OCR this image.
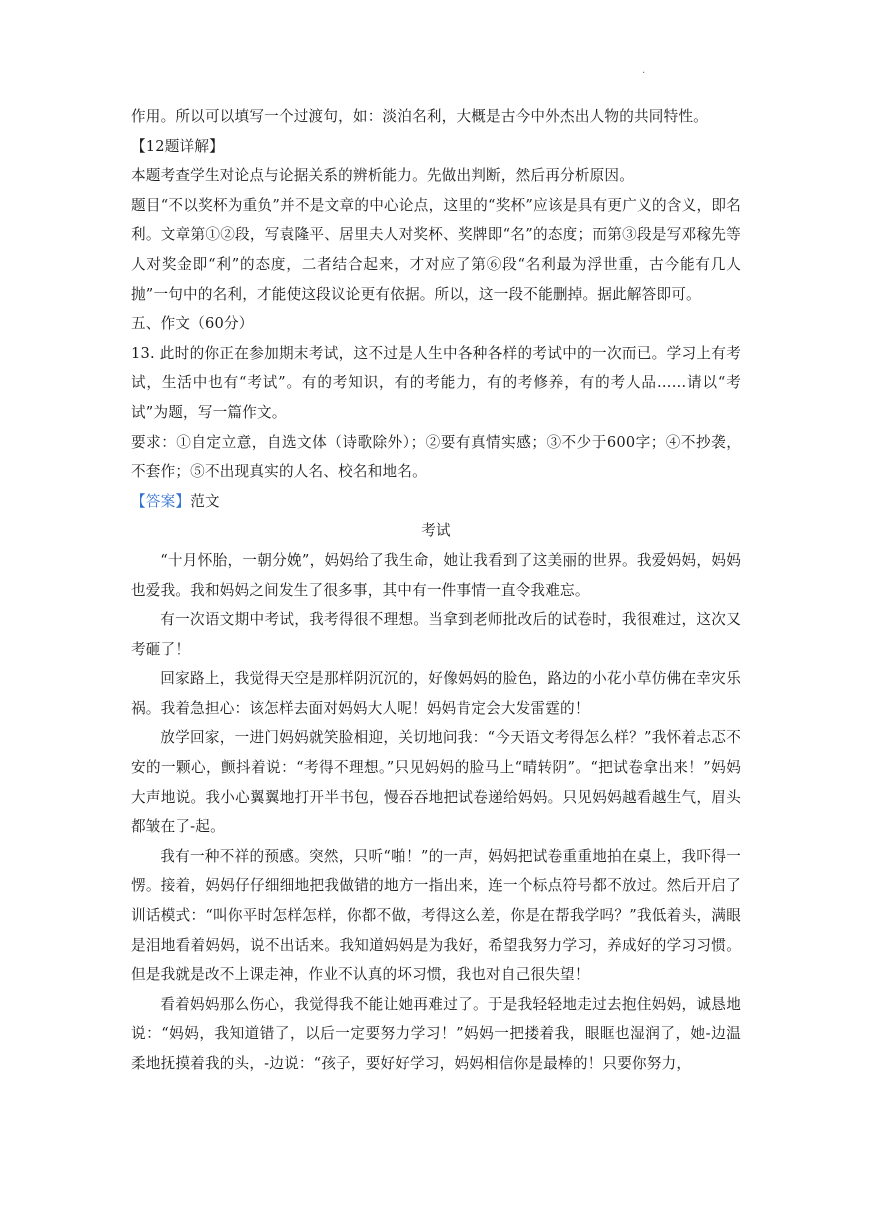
·

作用。所以可以填写一个过渡句，如：淡泊名利，大概是古今中外杰出人物的共同特性。

【12题详解】

本题考查学生对论点与论据关系的辨析能力。先做出判断，然后再分析原因。

题目“不以奖杯为重负”并不是文章的中心论点，这里的“奖杯”应该是具有更广义的含义，即名利。文章第①②段，写袁隆平、居里夫人对奖杯、奖牌即“名”的态度；而第③段是写邓稼先等人对奖金即“利”的态度，二者结合起来，才对应了第⑥段“名利最为浮世重，古今能有几人抛”一句中的名利，才能使这段议论更有依据。所以，这一段不能删掉。据此解答即可。

五、作文（60分）

13. 此时的你正在参加期末考试，这不过是人生中各种各样的考试中的一次而已。学习上有考试，生活中也有“考试”。有的考知识，有的考能力，有的考修养，有的考人品……请以“考试”为题，写一篇作文。

要求：①自定立意，自选文体（诗歌除外）；②要有真情实感；③不少于600字；④不抄袭，不套作；⑤不出现真实的人名、校名和地名。

【答案】范文

考试

“十月怀胎，一朝分娩”，妈妈给了我生命，她让我看到了这美丽的世界。我爱妈妈，妈妈也爱我。我和妈妈之间发生了很多事，其中有一件事情一直令我难忘。

有一次语文期中考试，我考得很不理想。当拿到老师批改后的试卷时，我很难过，这次又考砸了！

回家路上，我觉得天空是那样阴沉沉的，好像妈妈的脸色，路边的小花小草仿佛在幸灾乐祸。我着急担心：该怎样去面对妈妈大人呢！妈妈肯定会大发雷霆的！

放学回家，一进门妈妈就笑脸相迎，关切地问我：“今天语文考得怎么样？”我怀着忐忑不安的一颗心，颤抖着说：“考得不理想。”只见妈妈的脸马上“晴转阴”。“把试卷拿出来！”妈妈大声地说。我小心翼翼地打开半书包，慢吞吞地把试卷递给妈妈。只见妈妈越看越生气，眉头都皱在了-起。

我有一种不祥的预感。突然，只听“啪！”的一声，妈妈把试卷重重地拍在桌上，我吓得一愣。接着，妈妈仔仔细细地把我做错的地方一指出来，连一个标点符号都不放过。然后开启了训话模式：“叫你平时怎样怎样，你都不做，考得这么差，你是在帮我学吗？”我低着头，满眼是泪地看着妈妈，说不出话来。我知道妈妈是为我好，希望我努力学习，养成好的学习习惯。但是我就是改不上课走神，作业不认真的坏习惯，我也对自己很失望！

看着妈妈那么伤心，我觉得我不能让她再难过了。于是我轻轻地走过去抱住妈妈，诚恳地说：“妈妈，我知道错了，以后一定要努力学习！”妈妈一把搂着我，眼眶也湿润了，她-边温柔地抚摸着我的头，-边说：“孩子，要好好学习，妈妈相信你是最棒的！只要你努力，
